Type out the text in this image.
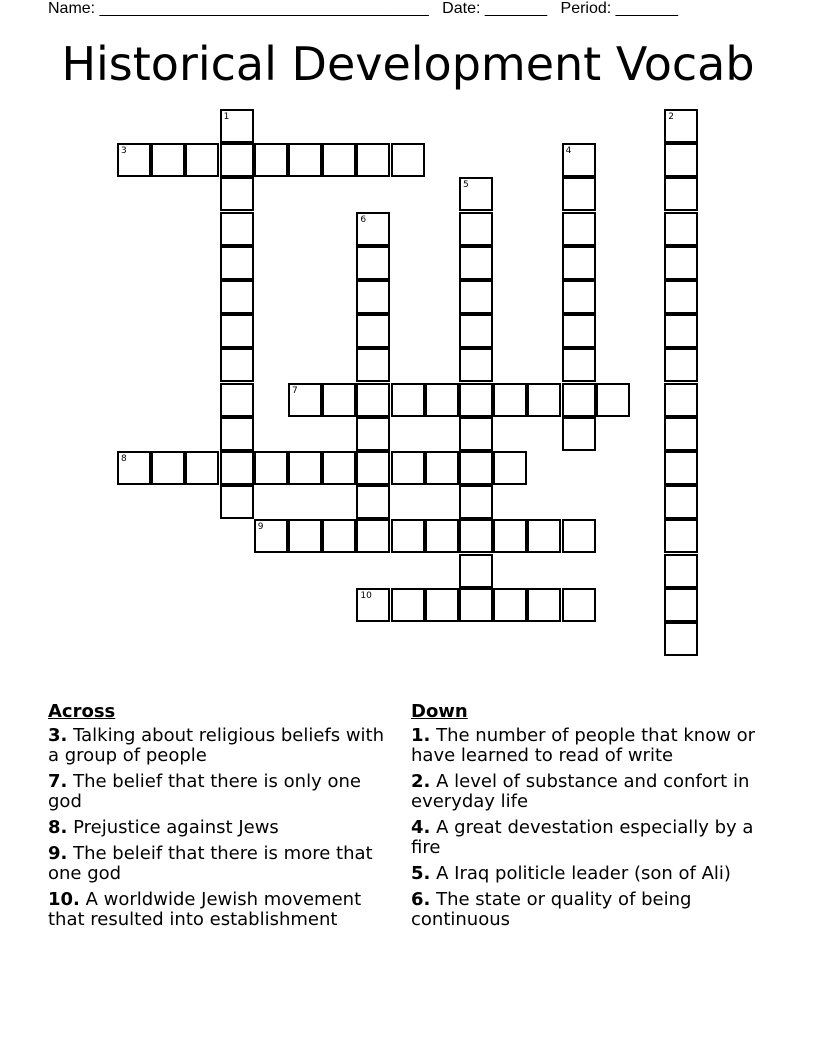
Name: _____________________________________ Date: _______ Period: _______
Historical Development Vocab
1	2
3	4
5
6
7
8
9
10
Across
3. Talking about religious beliefs with a group of people
7. The belief that there is only one god
8. Prejustice against Jews
9. The beleif that there is more that one god
10. A worldwide Jewish movement that resulted into establishment
Down
1. The number of people that know or have learned to read of write
2. A level of substance and confort in everyday life
4. A great devestation especially by a fire
5. A Iraq politicle leader (son of Ali)
6. The state or quality of being continuous
